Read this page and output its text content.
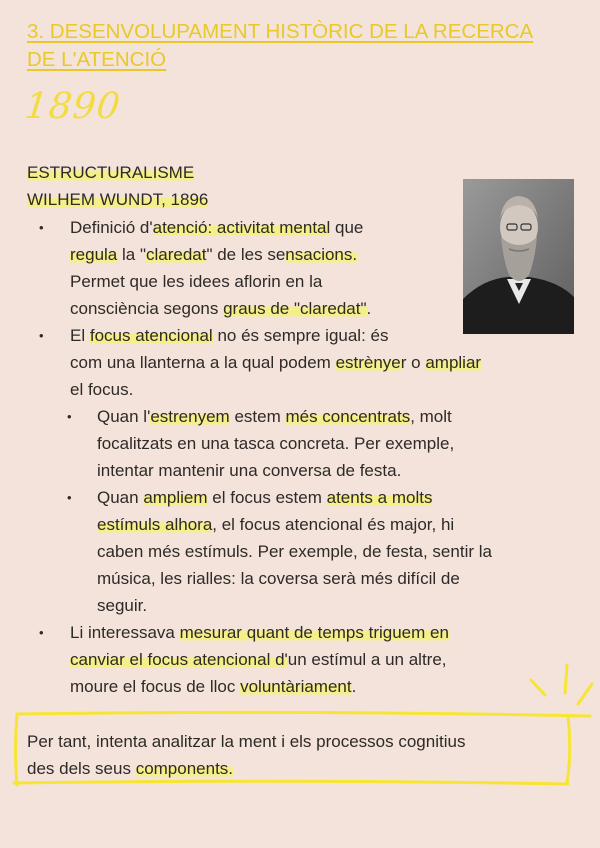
3. DESENVOLUPAMENT HISTÒRIC DE LA RECERCA
DE L'ATENCIÓ
1890
ESTRUCTURALISME
WILHEM WUNDT, 1896
• Definició d'atenció: activitat mental que
regula la "claredat" de les sensacions.
Permet que les idees aflorin en la
consciència segons graus de "claredat".
• El focus atencional no és sempre igual: és
com una llanterna a la qual podem estrènyer o ampliar
el focus.
• Quan l'estrenyem estem més concentrats, molt
focalitzats en una tasca concreta. Per exemple,
intentar mantenir una conversa de festa.
• Quan ampliem el focus estem atents a molts
estímuls alhora, el focus atencional és major, hi
caben més estímuls. Per exemple, de festa, sentir la
música, les rialles: la coversa serà més difícil de
seguir.
• Li interessava mesurar quant de temps triguem en
canviar el focus atencional d'un estímul a un altre,
moure el focus de lloc voluntàriament.
Per tant, intenta analitzar la ment i els processos cognitius
des dels seus components.
